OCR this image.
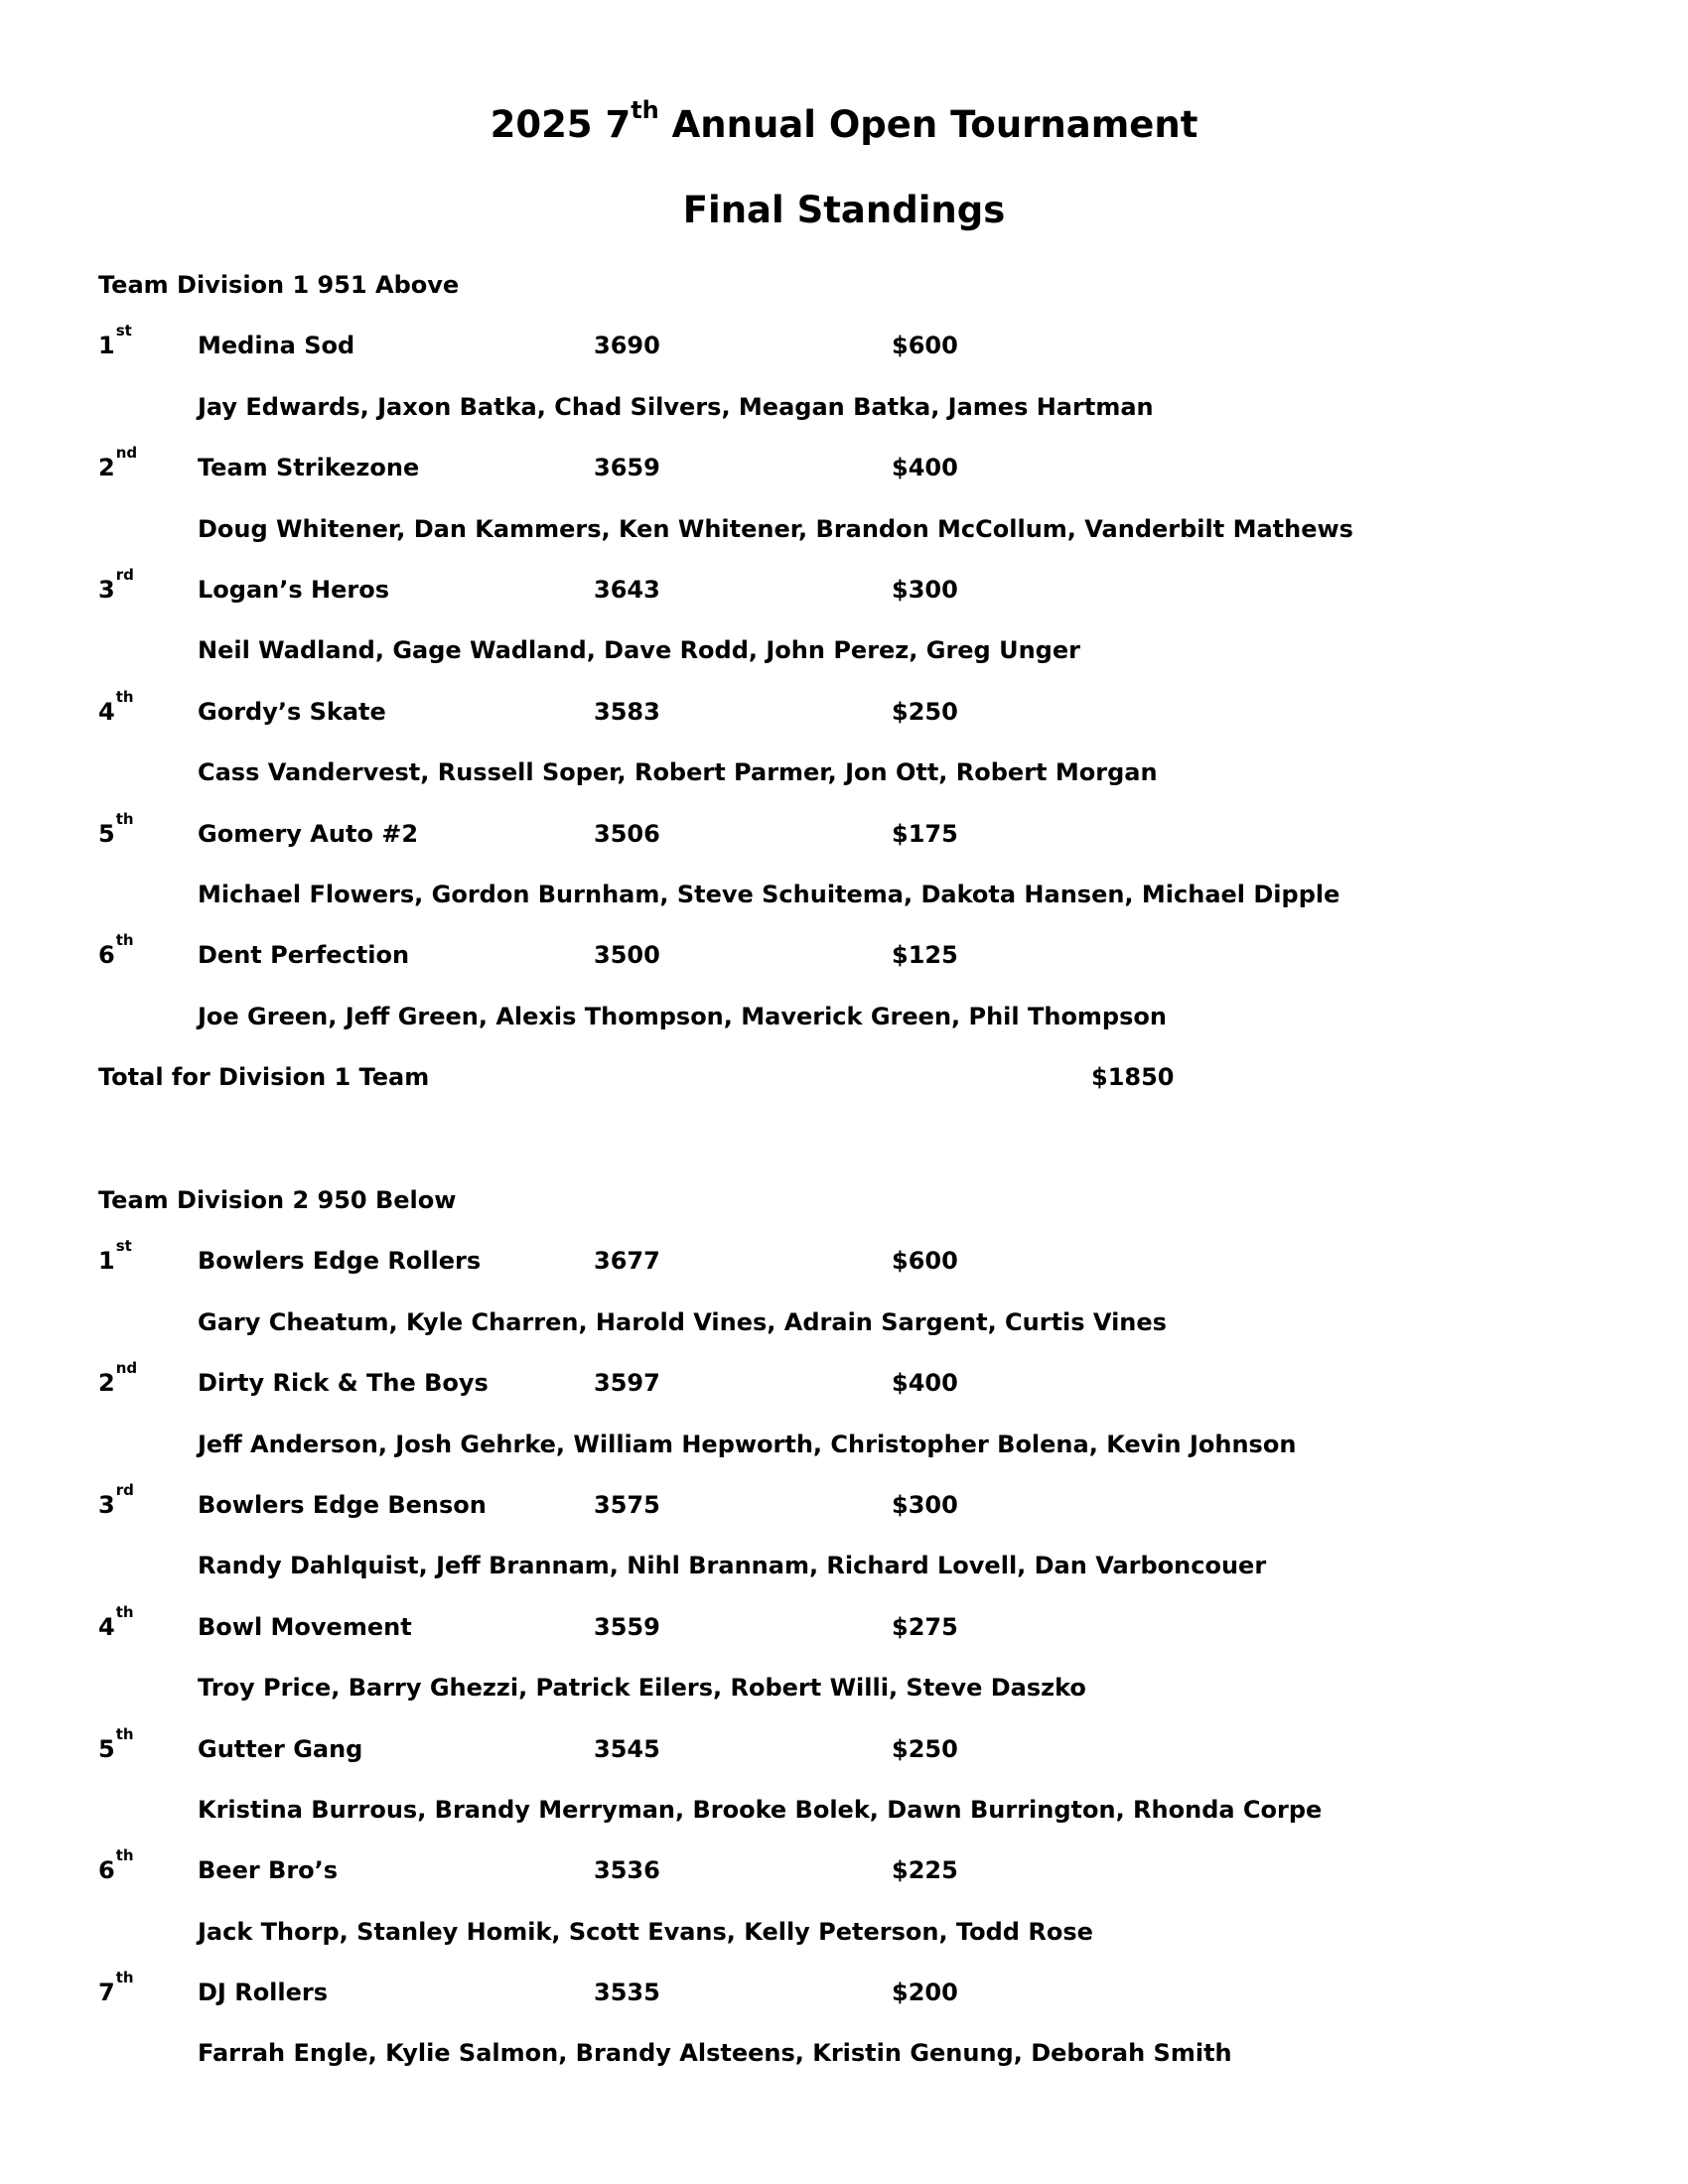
2025 7th Annual Open Tournament
Final Standings
Team Division 1 951 Above
1st
Medina Sod	3690	$600
Jay Edwards, Jaxon Batka, Chad Silvers, Meagan Batka, James Hartman
2nd
Team Strikezone	3659	$400
Doug Whitener, Dan Kammers, Ken Whitener, Brandon McCollum, Vanderbilt Mathews
3rd
Logan’s Heros	3643	$300
Neil Wadland, Gage Wadland, Dave Rodd, John Perez, Greg Unger
4th
Gordy’s Skate	3583	$250
Cass Vandervest, Russell Soper, Robert Parmer, Jon Ott, Robert Morgan
5th
Gomery Auto #2	3506	$175
Michael Flowers, Gordon Burnham, Steve Schuitema, Dakota Hansen, Michael Dipple
6th
Dent Perfection	3500	$125
Joe Green, Jeff Green, Alexis Thompson, Maverick Green, Phil Thompson
Total for Division 1 Team	$1850
Team Division 2 950 Below
1st
Bowlers Edge Rollers	3677	$600
Gary Cheatum, Kyle Charren, Harold Vines, Adrain Sargent, Curtis Vines
2nd
Dirty Rick & The Boys	3597	$400
Jeff Anderson, Josh Gehrke, William Hepworth, Christopher Bolena, Kevin Johnson
3rd
Bowlers Edge Benson	3575	$300
Randy Dahlquist, Jeff Brannam, Nihl Brannam, Richard Lovell, Dan Varboncouer
4th
Bowl Movement	3559	$275
Troy Price, Barry Ghezzi, Patrick Eilers, Robert Willi, Steve Daszko
5th
Gutter Gang	3545	$250
Kristina Burrous, Brandy Merryman, Brooke Bolek, Dawn Burrington, Rhonda Corpe
6th
Beer Bro’s	3536	$225
Jack Thorp, Stanley Homik, Scott Evans, Kelly Peterson, Todd Rose
7th
DJ Rollers	3535	$200
Farrah Engle, Kylie Salmon, Brandy Alsteens, Kristin Genung, Deborah Smith
